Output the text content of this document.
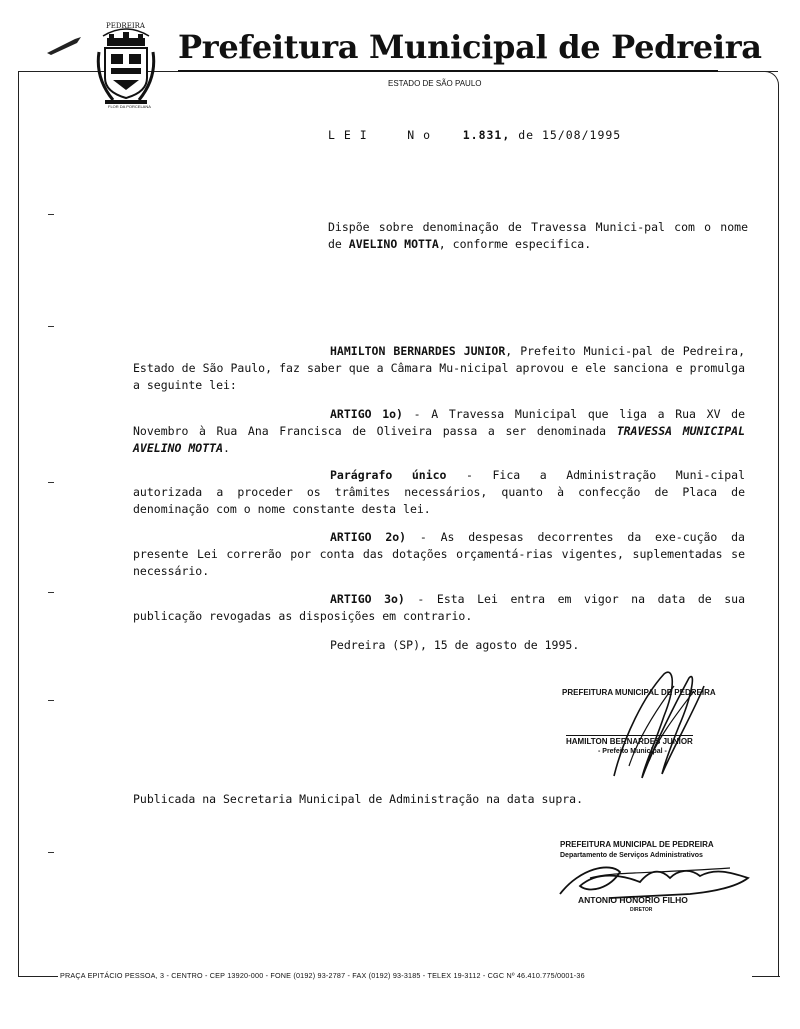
PEDREIRA
FLOR DA PORCELANA
Prefeitura Municipal de Pedreira
ESTADO DE SÃO PAULO
L E I	N o	1.831, de 15/08/1995
Dispõe sobre denominação de Travessa Munici-pal com o nome de AVELINO MOTTA, conforme especifica.
HAMILTON BERNARDES JUNIOR, Prefeito Munici-pal de Pedreira, Estado de São Paulo, faz saber que a Câmara Mu-nicipal aprovou e ele sanciona e promulga a seguinte lei:
ARTIGO 1o) - A Travessa Municipal que liga a Rua XV de Novembro à Rua Ana Francisca de Oliveira passa a ser denominada TRAVESSA MUNICIPAL AVELINO MOTTA.
Parágrafo único - Fica a Administração Muni-cipal autorizada a proceder os trâmites necessários, quanto à confecção de Placa de denominação com o nome constante desta lei.
ARTIGO 2o) - As despesas decorrentes da exe-cução da presente Lei correrão por conta das dotações orçamentá-rias vigentes, suplementadas se necessário.
ARTIGO 3o) - Esta Lei entra em vigor na data de sua publicação revogadas as disposições em contrario.
Pedreira (SP), 15 de agosto de 1995.
PREFEITURA MUNICIPAL DE PEDREIRA
HAMILTON BERNARDES JUNIOR
- Prefeito Municipal -
Publicada na Secretaria Municipal de Administração na data supra.
PREFEITURA MUNICIPAL DE PEDREIRA
Departamento de Serviços Administrativos
ANTONIO HONORIO FILHO
DIRETOR
PRAÇA EPITÁCIO PESSOA, 3 - CENTRO - CEP 13920-000 - FONE (0192) 93-2787 - FAX (0192) 93-3185 - TELEX 19-3112 - CGC Nº 46.410.775/0001-36
